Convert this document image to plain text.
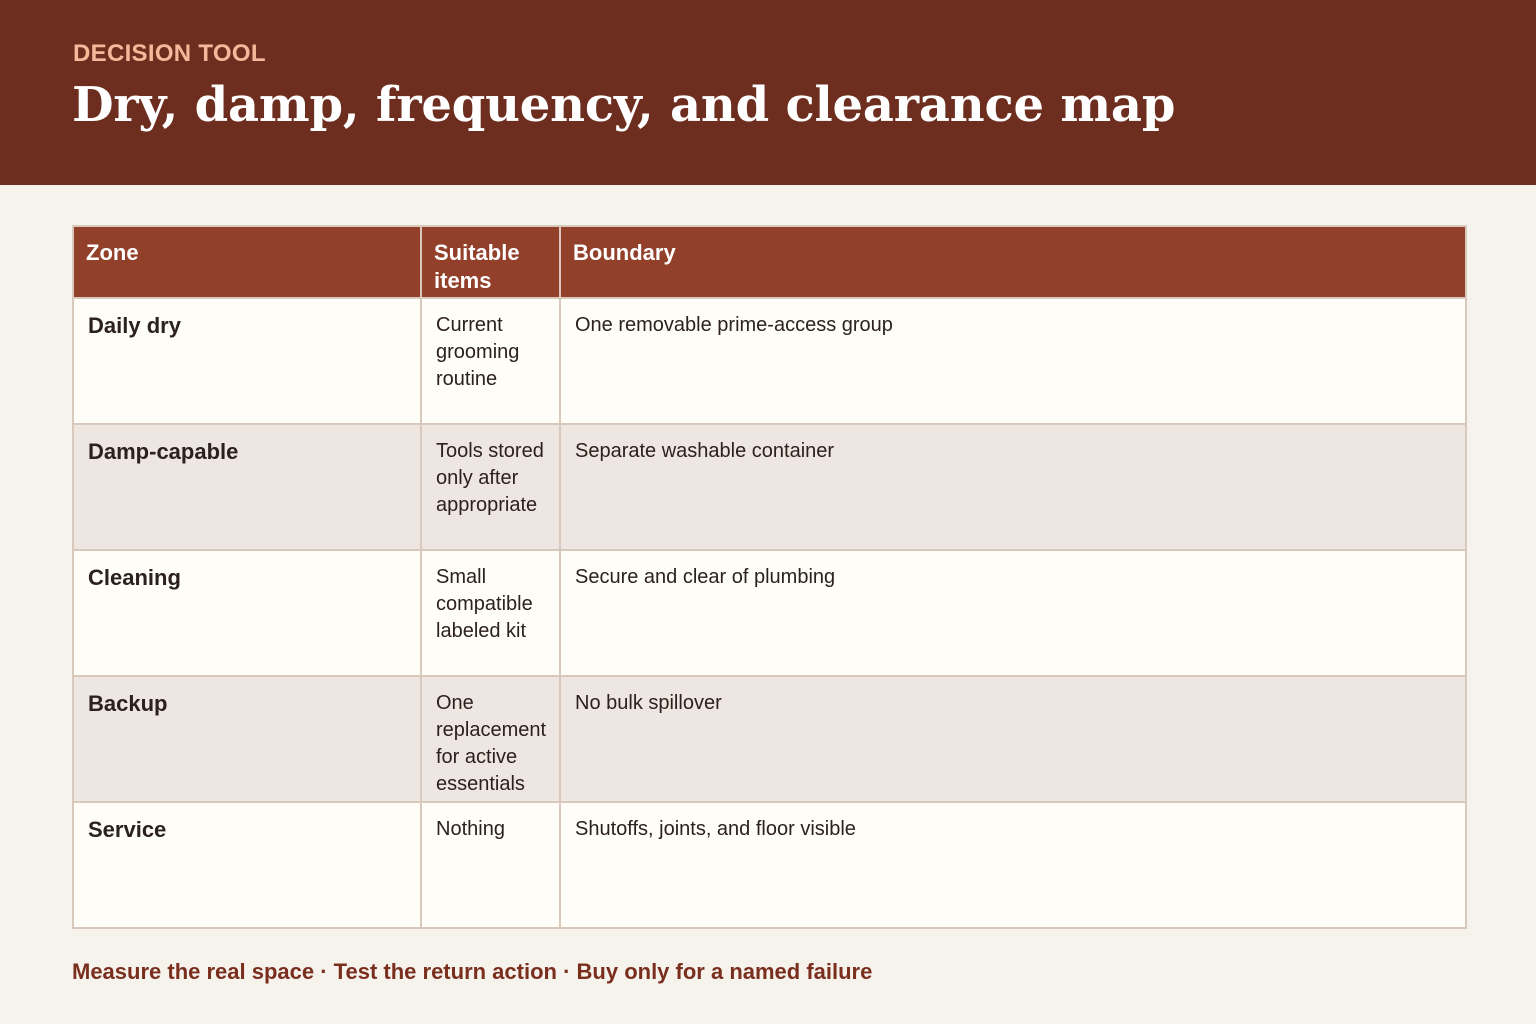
DECISION TOOL
Dry, damp, frequency, and clearance map
Zone	Suitable items	Boundary
Daily dry	Current grooming routine	One removable prime-access group
Damp-capable	Tools stored only after appropriate	Separate washable container
Cleaning	Small compatible labeled kit	Secure and clear of plumbing
Backup	One replacement for active essentials	No bulk spillover
Service	Nothing	Shutoffs, joints, and floor visible
Measure the real space · Test the return action · Buy only for a named failure
